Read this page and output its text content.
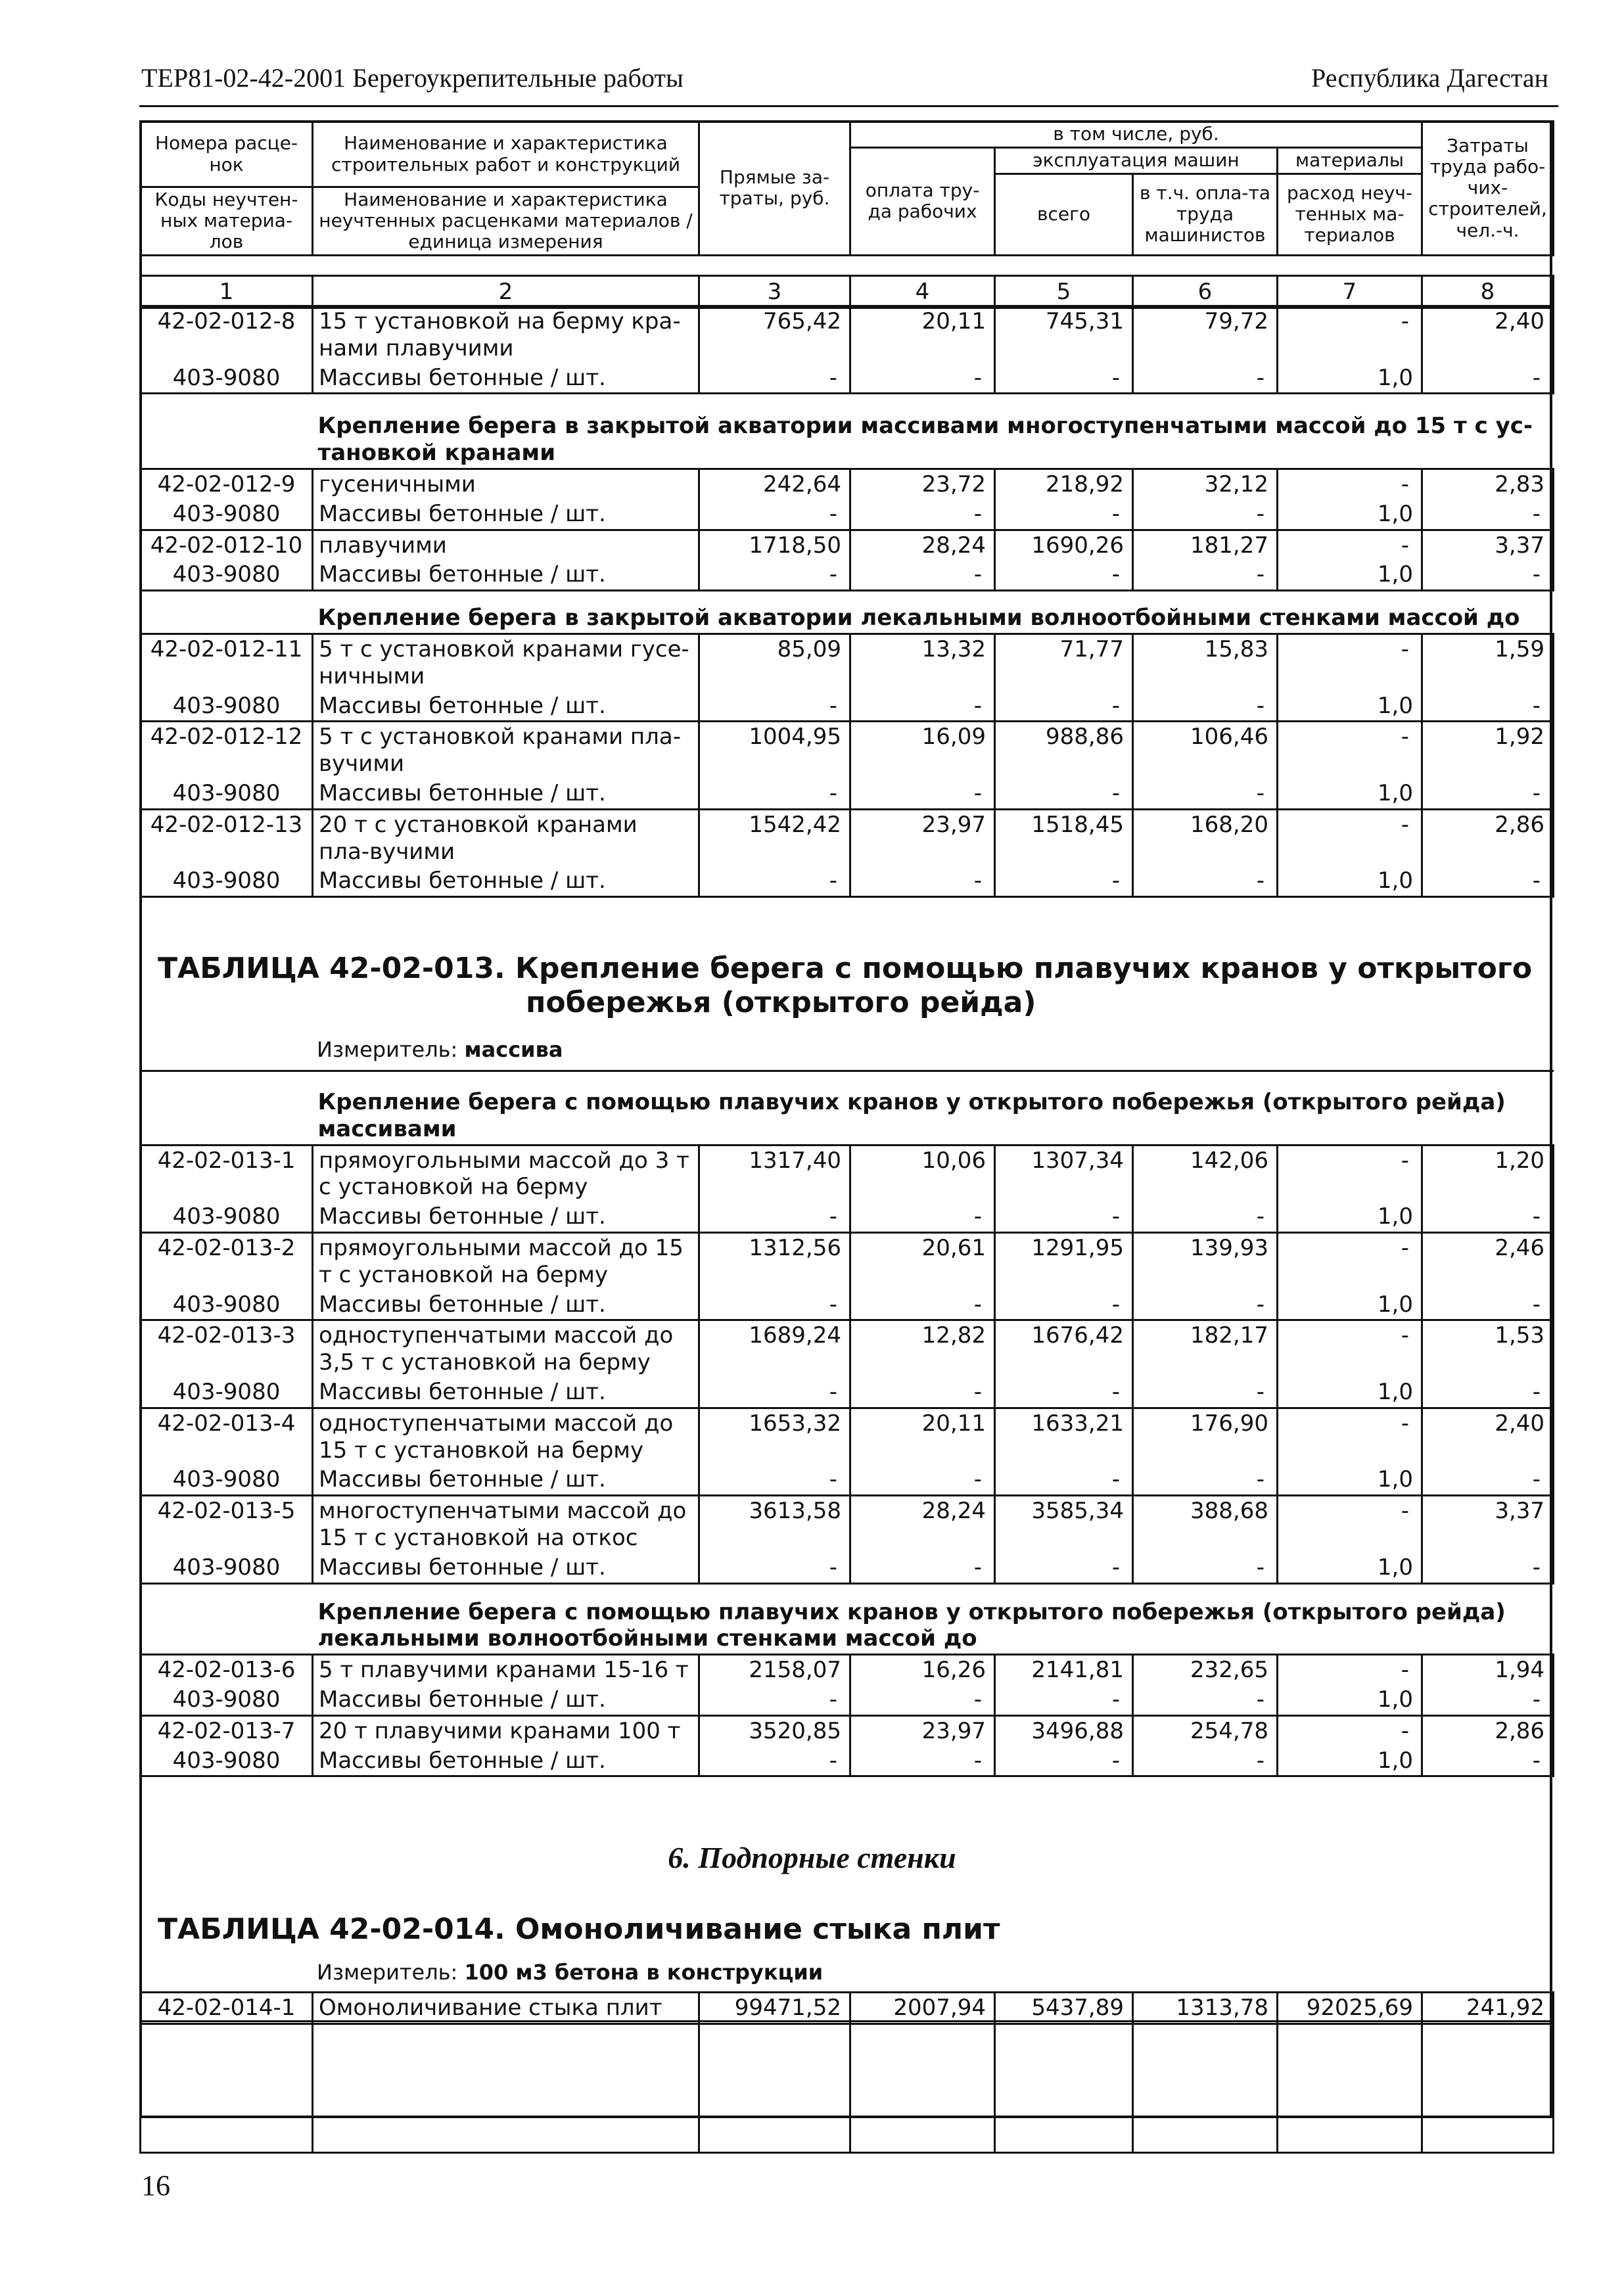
ТЕР81-02-42-2001 Берегоукрепительные работы	Республика Дагестан
Номера расце-нок	Наименование и характеристика строительных работ и конструкций	Прямые за-траты, руб.	в том числе, руб.				Затраты труда рабо-чих-строителей, чел.-ч.
			оплата тру-да рабочих	эксплуатация машин		материалы	
				всего	в т.ч. опла-та труда машинистов	расход неуч-тенных ма-териалов	
Коды неучтен-ных материа-лов	Наименование и характеристика неучтенных расценками материалов / единица измерения						

1	2	3	4	5	6	7	8
42-02-012-8	15 т установкой на берму кра-нами плавучими	765,42	20,11	745,31	79,72	-	2,40
403-9080	Массивы бетонные / шт.	-	-	-	-	1,0	-
	Крепление берега в закрытой акватории массивами многоступенчатыми массой до 15 т с ус-тановкой кранами						
42-02-012-9	гусеничными	242,64	23,72	218,92	32,12	-	2,83
403-9080	Массивы бетонные / шт.	-	-	-	-	1,0	-
42-02-012-10	плавучими	1718,50	28,24	1690,26	181,27	-	3,37
403-9080	Массивы бетонные / шт.	-	-	-	-	1,0	-
	Крепление берега в закрытой акватории лекальными волноотбойными стенками массой до						
42-02-012-11	5 т с установкой кранами гусе-ничными	85,09	13,32	71,77	15,83	-	1,59
403-9080	Массивы бетонные / шт.	-	-	-	-	1,0	-
42-02-012-12	5 т с установкой кранами пла-вучими	1004,95	16,09	988,86	106,46	-	1,92
403-9080	Массивы бетонные / шт.	-	-	-	-	1,0	-
42-02-012-13	20 т с установкой кранами пла-вучими	1542,42	23,97	1518,45	168,20	-	2,86
403-9080	Массивы бетонные / шт.	-	-	-	-	1,0	-
ТАБЛИЦА 42-02-013. Крепление берега с помощью плавучих кранов у открытого
побережья (открытого рейда)
Измеритель: массива
	Крепление берега с помощью плавучих кранов у открытого побережья (открытого рейда) массивами						
42-02-013-1	прямоугольными массой до 3 т с установкой на берму	1317,40	10,06	1307,34	142,06	-	1,20
403-9080	Массивы бетонные / шт.	-	-	-	-	1,0	-
42-02-013-2	прямоугольными массой до 15 т с установкой на берму	1312,56	20,61	1291,95	139,93	-	2,46
403-9080	Массивы бетонные / шт.	-	-	-	-	1,0	-
42-02-013-3	одноступенчатыми массой до 3,5 т с установкой на берму	1689,24	12,82	1676,42	182,17	-	1,53
403-9080	Массивы бетонные / шт.	-	-	-	-	1,0	-
42-02-013-4	одноступенчатыми массой до 15 т с установкой на берму	1653,32	20,11	1633,21	176,90	-	2,40
403-9080	Массивы бетонные / шт.	-	-	-	-	1,0	-
42-02-013-5	многоступенчатыми массой до 15 т с установкой на откос	3613,58	28,24	3585,34	388,68	-	3,37
403-9080	Массивы бетонные / шт.	-	-	-	-	1,0	-
	Крепление берега с помощью плавучих кранов у открытого побережья (открытого рейда) лекальными волноотбойными стенками массой до						
42-02-013-6	5 т плавучими кранами 15-16 т	2158,07	16,26	2141,81	232,65	-	1,94
403-9080	Массивы бетонные / шт.	-	-	-	-	1,0	-
42-02-013-7	20 т плавучими кранами 100 т	3520,85	23,97	3496,88	254,78	-	2,86
403-9080	Массивы бетонные / шт.	-	-	-	-	1,0	-
6. Подпорные стенки
ТАБЛИЦА 42-02-014. Омоноличивание стыка плит
Измеритель: 100 м3 бетона в конструкции
42-02-014-1	Омоноличивание стыка плит	99471,52	2007,94	5437,89	1313,78	92025,69	241,92

16
